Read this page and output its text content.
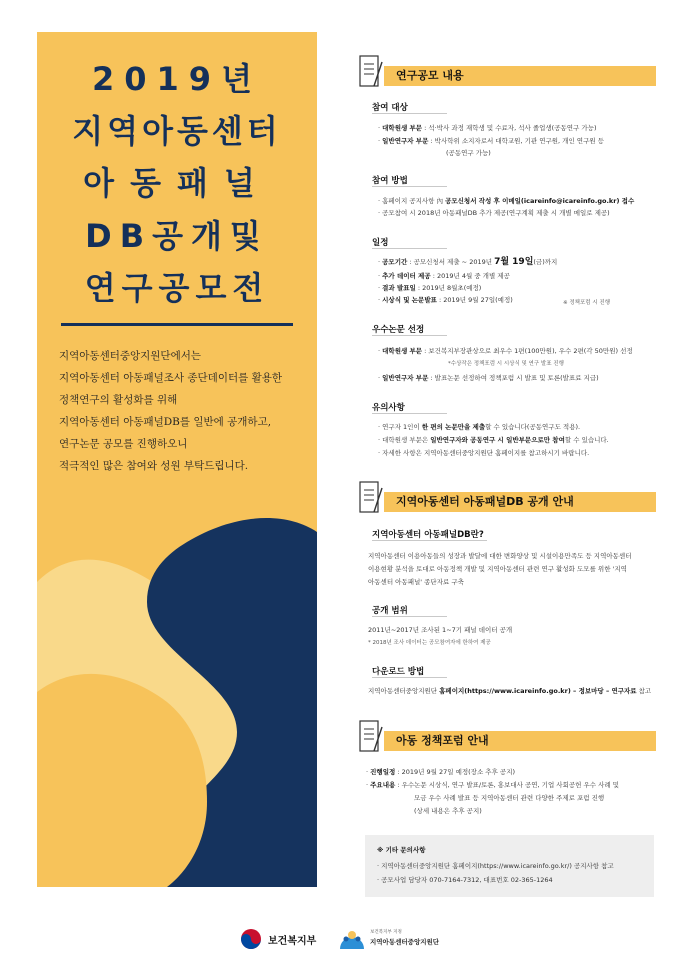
2019년
지역아동센터
아동패널
DB공개및
연구공모전

지역아동센터중앙지원단에서는

지역아동센터 아동패널조사 종단데이터를 활용한

정책연구의 활성화를 위해

지역아동센터 아동패널DB를 일반에 공개하고,

연구논문 공모를 진행하오니

적극적인 많은 참여와 성원 부탁드립니다.

연구공모 내용
참여 대상
· 대학원생 부문 : 석·박사 과정 재학생 및 수료자, 석사 졸업생(공동연구 가능)
· 일반연구자 부문 : 박사학위 소지자로서 대학교원, 기관 연구원, 개인 연구원 등
(공동연구 가능)
참여 방법
· 홈페이지 공지사항 內 공모신청서 작성 후 이메일(icareinfo@icareinfo.go.kr) 접수
· 공모참여 시 2018년 아동패널DB 추가 제공(연구계획 제출 시 개별 메일로 제공)
일정
· 공모기간 : 공모신청서 제출 ~ 2019년 7월 19일(금)까지
· 추가 데이터 제공 : 2019년 4월 중 개별 제공
· 결과 발표일 : 2019년 8월초(예정)
· 시상식 및 논문발표 : 2019년 9월 27일(예정)	※ 정책포럼 시 진행
우수논문 선정
· 대학원생 부문 : 보건복지부장관상으로 최우수 1편(100만원), 우수 2편(각 50만원) 선정
*수상작은 정책포럼 시 시상식 및 연구 발표 진행
· 일반연구자 부문 : 발표논문 선정하여 정책포럼 시 발표 및 토론(발표료 지급)
유의사항
· 연구자 1인이 한 편의 논문만을 제출할 수 있습니다(공동연구도 적용).
· 대학원생 부문은 일반연구자와 공동연구 시 일반부문으로만 참여할 수 있습니다.
· 자세한 사항은 지역아동센터중앙지원단 홈페이지를 참고하시기 바랍니다.
지역아동센터 아동패널DB 공개 안내
지역아동센터 아동패널DB란?
지역아동센터 이용아동들의 성장과 발달에 대한 변화양상 및 시설이용만족도 등 지역아동센터
이용현황 분석을 토대로 아동정책 개발 및 지역아동센터 관련 연구 활성화 도모를 위한 '지역
아동센터 아동패널' 종단자료 구축
공개 범위
2011년~2017년 조사된 1~7기 패널 데이터 공개
* 2018년 조사 데이터는 공모참여자에 한하여 제공
다운로드 방법
지역아동센터중앙지원단 홈페이지(https://www.icareinfo.go.kr) – 정보마당 – 연구자료 참고
아동 정책포럼 안내
· 진행일정 : 2019년 9월 27일 예정(장소 추후 공지)
· 주요내용 : 우수논문 시상식, 연구 발표/토론, 홍보대사 공연, 기업 사회공헌 우수 사례 및
모금 우수 사례 발표 등 지역아동센터 관련 다양한 주제로 포럼 진행
(상세 내용은 추후 공지)
※ 기타 문의사항
· 지역아동센터중앙지원단 홈페이지(https://www.icareinfo.go.kr/) 공지사항 참고
· 공모사업 담당자 070-7164-7312, 대표번호 02-365-1264
보건복지부
보건복지부 지정
지역아동센터중앙지원단
